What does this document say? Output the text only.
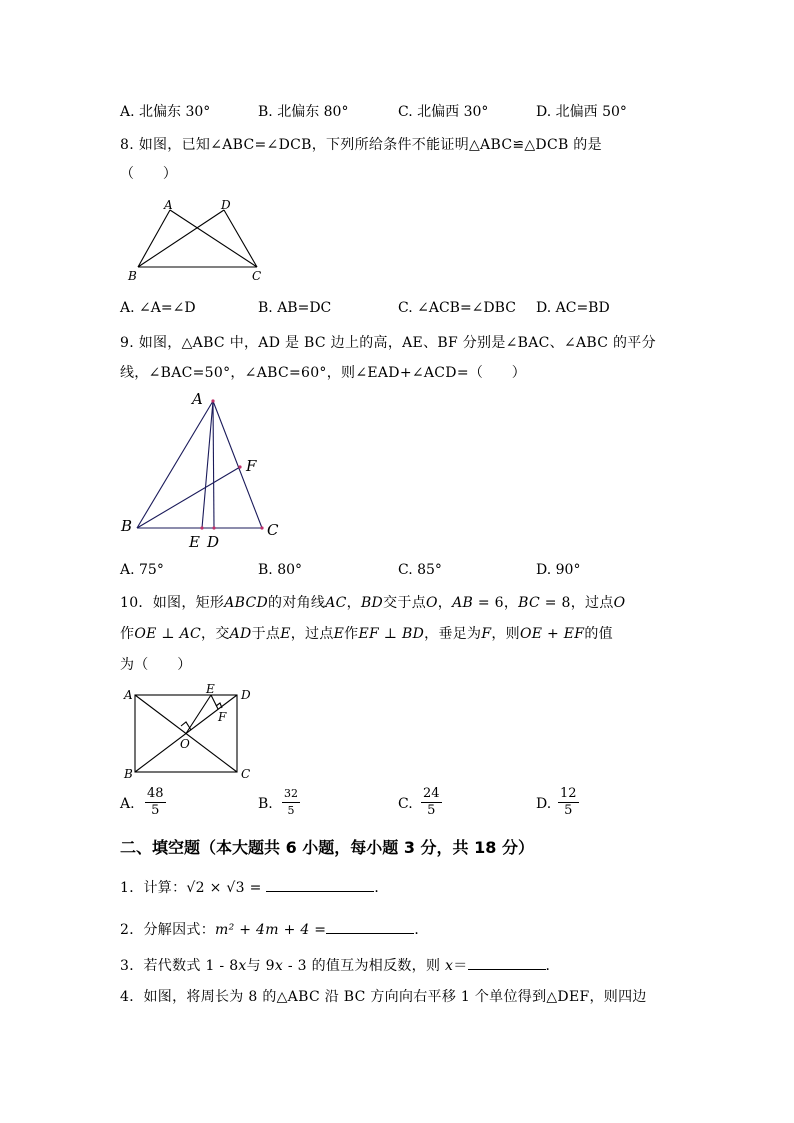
A. 北偏东 30°	B. 北偏东 80°	C. 北偏西 30°	D. 北偏西 50°
8. 如图，已知∠ABC=∠DCB，下列所给条件不能证明△ABC≌△DCB 的是
（　　）
A	D
B	C
A. ∠A=∠D	B. AB=DC	C. ∠ACB=∠DBC D. AC=BD
9. 如图，△ABC 中，AD 是 BC 边上的高，AE、BF 分别是∠BAC、∠ABC 的平分
线，∠BAC=50°，∠ABC=60°，则∠EAD+∠ACD=（　　）
A
F
B	C
E D
A. 75°	B. 80°	C. 85°	D. 90°
10．如图，矩形ABCD的对角线AC，BD交于点O，AB = 6，BC = 8，过点O
作OE ⊥ AC，交AD于点E，过点E作EF ⊥ BD，垂足为F，则OE + EF的值
为（　　）
A	E D
F
O
B	C
A. $\frac{48}{5}$	B. $\frac{32}{5}$	C. $\frac{24}{5}$	D. $\frac{12}{5}$
二、填空题（本大题共 6 小题，每小题 3 分，共 18 分）
1．计算：√2 × √3 =	．
2．分解因式：m² + 4m + 4 =	．
3．若代数式 1 - 8x与 9x - 3 的值互为相反数，则 x＝	．
4．如图，将周长为 8 的△ABC 沿 BC 方向向右平移 1 个单位得到△DEF，则四边
